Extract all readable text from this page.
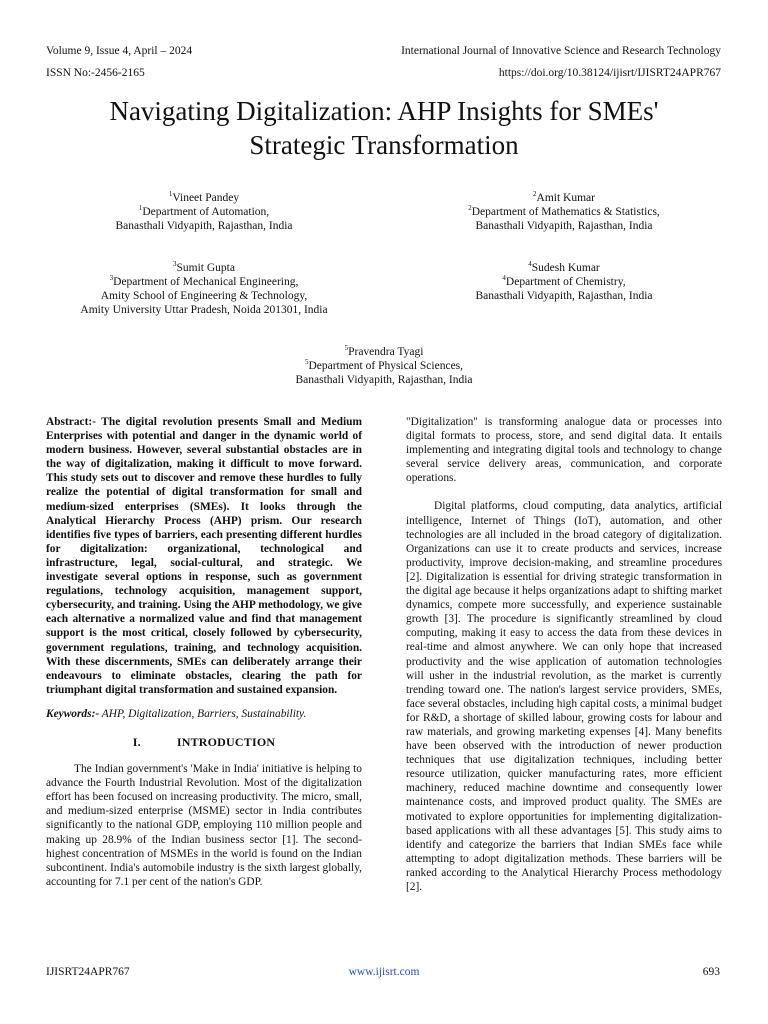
Volume 9, Issue 4, April – 2024	International Journal of Innovative Science and Research Technology
ISSN No:-2456-2165	https://doi.org/10.38124/ijisrt/IJISRT24APR767
Navigating Digitalization: AHP Insights for SMEs'
Strategic Transformation
$^1$Vineet Pandey
$^1$Department of Automation,
Banasthali Vidyapith, Rajasthan, India
$^2$Amit Kumar
$^2$Department of Mathematics & Statistics,
Banasthali Vidyapith, Rajasthan, India
$^3$Sumit Gupta
$^3$Department of Mechanical Engineering,
Amity School of Engineering & Technology,
Amity University Uttar Pradesh, Noida 201301, India
$^4$Sudesh Kumar
$^4$Department of Chemistry,
Banasthali Vidyapith, Rajasthan, India
$^5$Pravendra Tyagi
$^5$Department of Physical Sciences,
Banasthali Vidyapith, Rajasthan, India

Abstract:- The digital revolution presents Small and Medium Enterprises with potential and danger in the dynamic world of modern business. However, several substantial obstacles are in the way of digitalization, making it difficult to move forward. This study sets out to discover and remove these hurdles to fully realize the potential of digital transformation for small and medium-sized enterprises (SMEs). It looks through the Analytical Hierarchy Process (AHP) prism. Our research identifies five types of barriers, each presenting different hurdles for digitalization: organizational, technological and infrastructure, legal, social-cultural, and strategic. We investigate several options in response, such as government regulations, technology acquisition, management support, cybersecurity, and training. Using the AHP methodology, we give each alternative a normalized value and find that management support is the most critical, closely followed by cybersecurity, government regulations, training, and technology acquisition. With these discernments, SMEs can deliberately arrange their endeavours to eliminate obstacles, clearing the path for triumphant digital transformation and sustained expansion.

Keywords:- AHP, Digitalization, Barriers, Sustainability.

I.	INTRODUCTION

The Indian government's 'Make in India' initiative is helping to advance the Fourth Industrial Revolution. Most of the digitalization effort has been focused on increasing productivity. The micro, small, and medium-sized enterprise (MSME) sector in India contributes significantly to the national GDP, employing 110 million people and making up 28.9% of the Indian business sector [1]. The second-highest concentration of MSMEs in the world is found on the Indian subcontinent. India's automobile industry is the sixth largest globally, accounting for 7.1 per cent of the nation's GDP.

"Digitalization" is transforming analogue data or processes into digital formats to process, store, and send digital data. It entails implementing and integrating digital tools and technology to change several service delivery areas, communication, and corporate operations.

Digital platforms, cloud computing, data analytics, artificial intelligence, Internet of Things (IoT), automation, and other technologies are all included in the broad category of digitalization. Organizations can use it to create products and services, increase productivity, improve decision-making, and streamline procedures [2]. Digitalization is essential for driving strategic transformation in the digital age because it helps organizations adapt to shifting market dynamics, compete more successfully, and experience sustainable growth [3]. The procedure is significantly streamlined by cloud computing, making it easy to access the data from these devices in real-time and almost anywhere. We can only hope that increased productivity and the wise application of automation technologies will usher in the industrial revolution, as the market is currently trending toward one. The nation's largest service providers, SMEs, face several obstacles, including high capital costs, a minimal budget for R&D, a shortage of skilled labour, growing costs for labour and raw materials, and growing marketing expenses [4]. Many benefits have been observed with the introduction of newer production techniques that use digitalization techniques, including better resource utilization, quicker manufacturing rates, more efficient machinery, reduced machine downtime and consequently lower maintenance costs, and improved product quality. The SMEs are motivated to explore opportunities for implementing digitalization-based applications with all these advantages [5]. This study aims to identify and categorize the barriers that Indian SMEs face while attempting to adopt digitalization methods. These barriers will be ranked according to the Analytical Hierarchy Process methodology [2].

IJISRT24APR767	www.ijisrt.com	693
